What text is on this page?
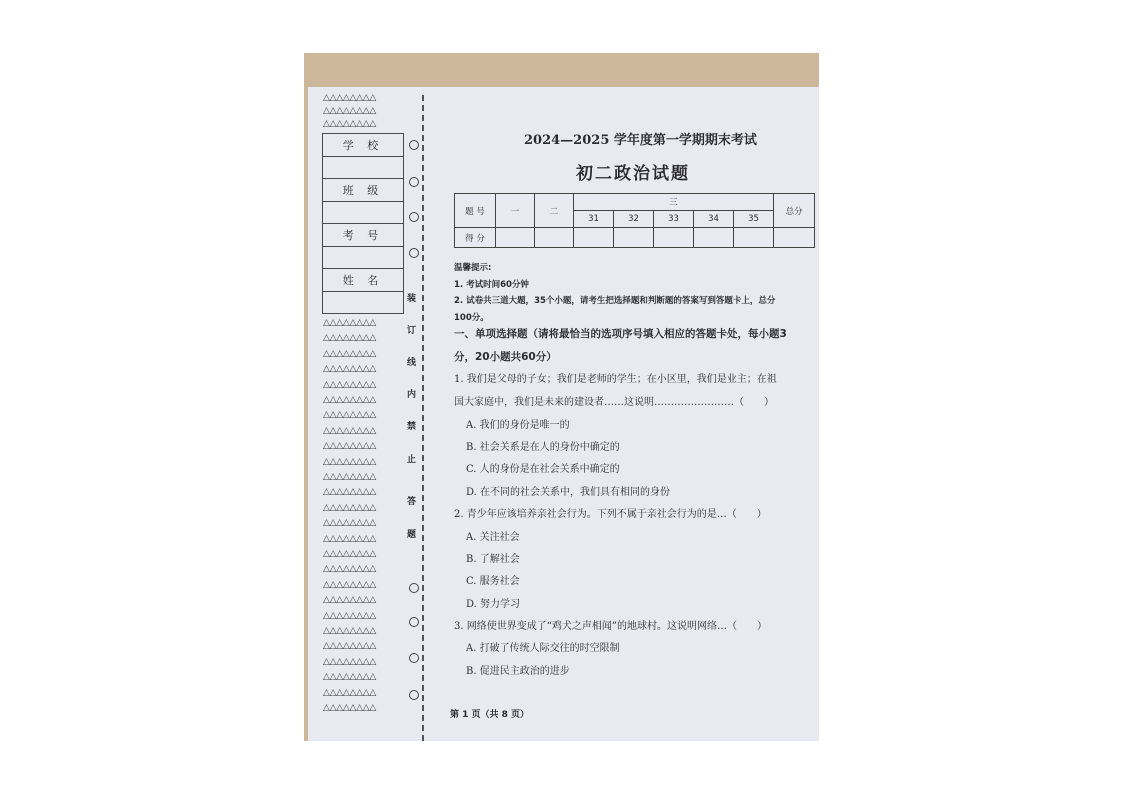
△△△△△△△△
△△△△△△△△
△△△△△△△△
学 校
班 级
考 号
姓 名
△△△△△△△△
△△△△△△△△
△△△△△△△△
△△△△△△△△
△△△△△△△△
△△△△△△△△
△△△△△△△△
△△△△△△△△
△△△△△△△△
△△△△△△△△
△△△△△△△△
△△△△△△△△
△△△△△△△△
△△△△△△△△
△△△△△△△△
△△△△△△△△
△△△△△△△△
△△△△△△△△
△△△△△△△△
△△△△△△△△
△△△△△△△△
△△△△△△△△
△△△△△△△△
△△△△△△△△
△△△△△△△△
△△△△△△△△
装
订
线
内
禁
止
答
题
2024—2025 学年度第一学期期末考试
初二政治试题
题 号	一	二	三					总分
			31	32	33	34	35	
得 分								
温馨提示:
1. 考试时间60分钟
2. 试卷共三道大题，35个小题，请考生把选择题和判断题的答案写到答题卡上，总分
100分。
一、单项选择题（请将最恰当的选项序号填入相应的答题卡处，每小题3
分，20小题共60分）
1. 我们是父母的子女；我们是老师的学生；在小区里，我们是业主；在祖
国大家庭中，我们是未来的建设者……这说明……………………（　　）
A. 我们的身份是唯一的
B. 社会关系是在人的身份中确定的
C. 人的身份是在社会关系中确定的
D. 在不同的社会关系中，我们具有相同的身份
2. 青少年应该培养亲社会行为。下列不属于亲社会行为的是…（　　）
A. 关注社会
B. 了解社会
C. 服务社会
D. 努力学习
3. 网络使世界变成了“鸡犬之声相闻”的地球村。这说明网络…（　　）
A. 打破了传统人际交往的时空限制
B. 促进民主政治的进步
第 1 页（共 8 页）
